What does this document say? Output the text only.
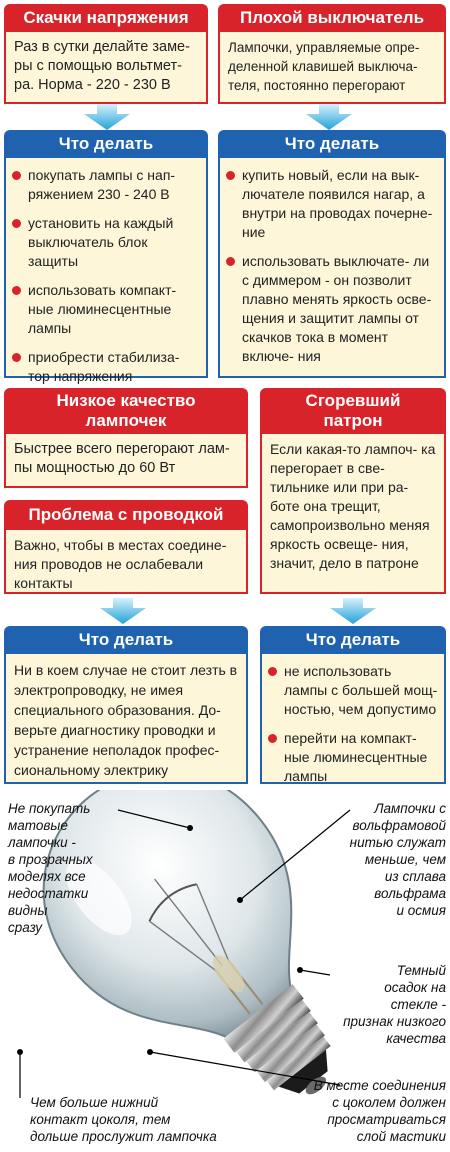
Скачки напряжения
Раз в сутки делайте заме-
ры с помощью вольтмет-
ра. Норма - 220 - 230 В
Плохой выключатель
Лампочки, управляемые опре-
деленной клавишей выключа-
теля, постоянно перегорают
Что делать
покупать лампы с нап- ряжением 230 - 240 В
установить на каждый выключатель блок защиты
использовать компакт- ные люминесцентные лампы
приобрести стабилиза- тор напряжения
Что делать
купить новый, если на вык- лючателе появился нагар, а внутри на проводах почерне- ние
использовать выключате- ли с диммером - он позволит плавно менять яркость осве- щения и защитит лампы от скачков тока в момент включе- ния
Низкое качество
лампочек
Быстрее всего перегорают лам-
пы мощностью до 60 Вт
Сгоревший
патрон
Если какая-то лампоч- ка перегорает в све- тильнике или при ра- боте она трещит, самопроизвольно меняя яркость освеще- ния, значит, дело в патроне
Проблема с проводкой
Важно, чтобы в местах соедине-
ния проводов не ослабевали
контакты
Что делать
Ни в коем случае не стоит лезть в электропроводку, не имея специального образования. До- верьте диагностику проводки и устранение неполадок профес- сиональному электрику
Что делать
не использовать лампы с большей мощ- ностью, чем допустимо
перейти на компакт- ные люминесцентные лампы
Не покупать
матовые
лампочки -
в прозрачных
моделях все
недостатки
видны
сразу
Лампочки с
вольфрамовой
нитью служат
меньше, чем
из сплава
вольфрама
и осмия
Темный
осадок на
стекле -
признак низкого
качества
В месте соединения
с цоколем должен
просматриваться
слой мастики
Чем больше нижний
контакт цоколя, тем
дольше прослужит лампочка
